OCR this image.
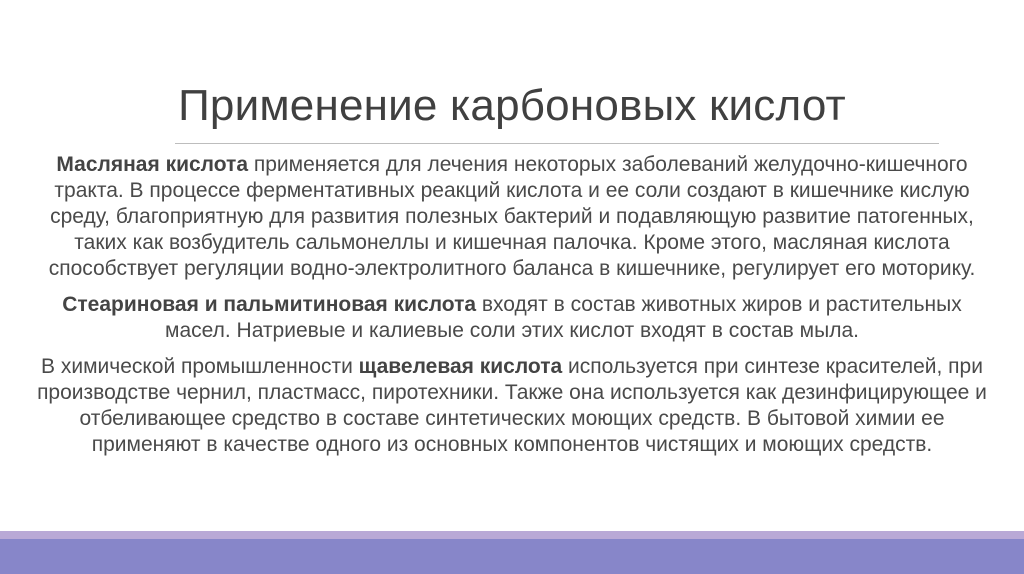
Применение карбоновых кислот

Масляная кислота применяется для лечения некоторых заболеваний желудочно-кишечного тракта. В процессе ферментативных реакций кислота и ее соли создают в кишечнике кислую среду, благоприятную для развития полезных бактерий и подавляющую развитие патогенных, таких как возбудитель сальмонеллы и кишечная палочка. Кроме этого, масляная кислота способствует регуляции водно-электролитного баланса в кишечнике, регулирует его моторику.

Стеариновая и пальмитиновая кислота входят в состав животных жиров и растительных масел. Натриевые и калиевые соли этих кислот входят в состав мыла.

В химической промышленности щавелевая кислота используется при синтезе красителей, при производстве чернил, пластмасс, пиротехники. Также она используется как дезинфицирующее и отбеливающее средство в составе синтетических моющих средств. В бытовой химии ее применяют в качестве одного из основных компонентов чистящих и моющих средств.
